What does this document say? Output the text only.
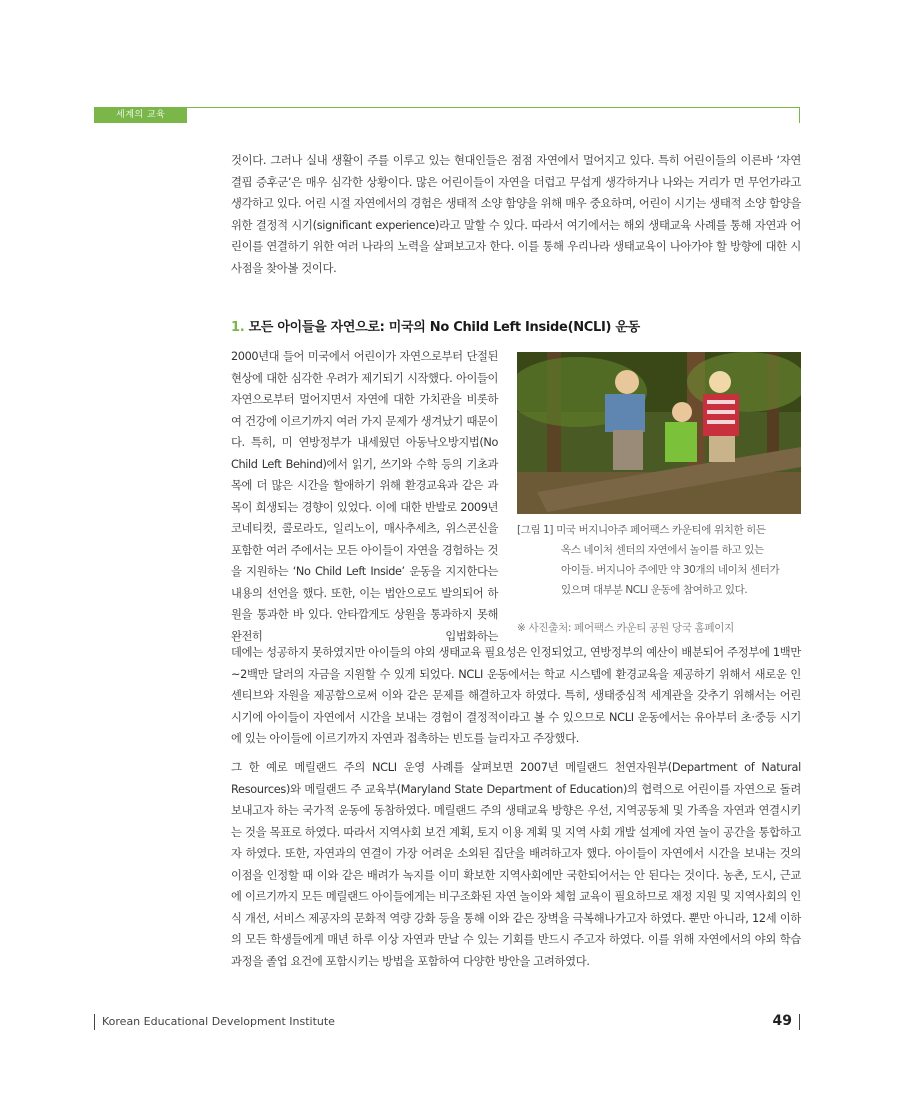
세계의 교육

것이다. 그러나 실내 생활이 주를 이루고 있는 현대인들은 점점 자연에서 멀어지고 있다. 특히 어린이들의 이른바 ‘자연 결핍 증후군’은 매우 심각한 상황이다. 많은 어린이들이 자연을 더럽고 무섭게 생각하거나 나와는 거리가 먼 무언가라고 생각하고 있다. 어린 시절 자연에서의 경험은 생태적 소양 함양을 위해 매우 중요하며, 어린이 시기는 생태적 소양 함양을 위한 결정적 시기(significant experience)라고 말할 수 있다. 따라서 여기에서는 해외 생태교육 사례를 통해 자연과 어린이를 연결하기 위한 여러 나라의 노력을 살펴보고자 한다. 이를 통해 우리나라 생태교육이 나아가야 할 방향에 대한 시사점을 찾아볼 것이다.

1. 모든 아이들을 자연으로: 미국의 No Child Left Inside(NCLI) 운동

2000년대 들어 미국에서 어린이가 자연으로부터 단절된 현상에 대한 심각한 우려가 제기되기 시작했다. 아이들이 자연으로부터 멀어지면서 자연에 대한 가치관을 비롯하여 건강에 이르기까지 여러 가지 문제가 생겨났기 때문이다. 특히, 미 연방정부가 내세웠던 아동낙오방지법(No Child Left Behind)에서 읽기, 쓰기와 수학 등의 기초과목에 더 많은 시간을 할애하기 위해 환경교육과 같은 과목이 희생되는 경향이 있었다. 이에 대한 반발로 2009년 코네티컷, 콜로라도, 일리노이, 매사추세츠, 위스콘신을 포함한 여러 주에서는 모든 아이들이 자연을 경험하는 것을 지원하는 ‘No Child Left Inside’ 운동을 지지한다는 내용의 선언을 했다. 또한, 이는 법안으로도 발의되어 하원을 통과한 바 있다. 안타깝게도 상원을 통과하지 못해 완전히 입법화하는

[그림 1] 미국 버지니아주 페어팩스 카운티에 위치한 히든
옥스 네이처 센터의 자연에서 놀이를 하고 있는
아이들. 버지니아 주에만 약 30개의 네이처 센터가
있으며 대부분 NCLI 운동에 참여하고 있다.

※ 사진출처: 페어팩스 카운티 공원 당국 홈페이지

데에는 성공하지 못하였지만 아이들의 야외 생태교육 필요성은 인정되었고, 연방정부의 예산이 배분되어 주정부에 1백만~2백만 달러의 자금을 지원할 수 있게 되었다. NCLI 운동에서는 학교 시스템에 환경교육을 제공하기 위해서 새로운 인센티브와 자원을 제공함으로써 이와 같은 문제를 해결하고자 하였다. 특히, 생태중심적 세계관을 갖추기 위해서는 어린 시기에 아이들이 자연에서 시간을 보내는 경험이 결정적이라고 볼 수 있으므로 NCLI 운동에서는 유아부터 초·중등 시기에 있는 아이들에 이르기까지 자연과 접촉하는 빈도를 늘리자고 주장했다.

그 한 예로 메릴랜드 주의 NCLI 운영 사례를 살펴보면 2007년 메릴랜드 천연자원부(Department of Natural Resources)와 메릴랜드 주 교육부(Maryland State Department of Education)의 협력으로 어린이를 자연으로 돌려보내고자 하는 국가적 운동에 동참하였다. 메릴랜드 주의 생태교육 방향은 우선, 지역공동체 및 가족을 자연과 연결시키는 것을 목표로 하였다. 따라서 지역사회 보건 계획, 토지 이용 계획 및 지역 사회 개발 설계에 자연 놀이 공간을 통합하고자 하였다. 또한, 자연과의 연결이 가장 어려운 소외된 집단을 배려하고자 했다. 아이들이 자연에서 시간을 보내는 것의 이점을 인정할 때 이와 같은 배려가 녹지를 이미 확보한 지역사회에만 국한되어서는 안 된다는 것이다. 농촌, 도시, 근교에 이르기까지 모든 메릴랜드 아이들에게는 비구조화된 자연 놀이와 체험 교육이 필요하므로 재정 지원 및 지역사회의 인식 개선, 서비스 제공자의 문화적 역량 강화 등을 통해 이와 같은 장벽을 극복해나가고자 하였다. 뿐만 아니라, 12세 이하의 모든 학생들에게 매년 하루 이상 자연과 만날 수 있는 기회를 반드시 주고자 하였다. 이를 위해 자연에서의 야외 학습 과정을 졸업 요건에 포함시키는 방법을 포함하여 다양한 방안을 고려하였다.

Korean Educational Development Institute	49
